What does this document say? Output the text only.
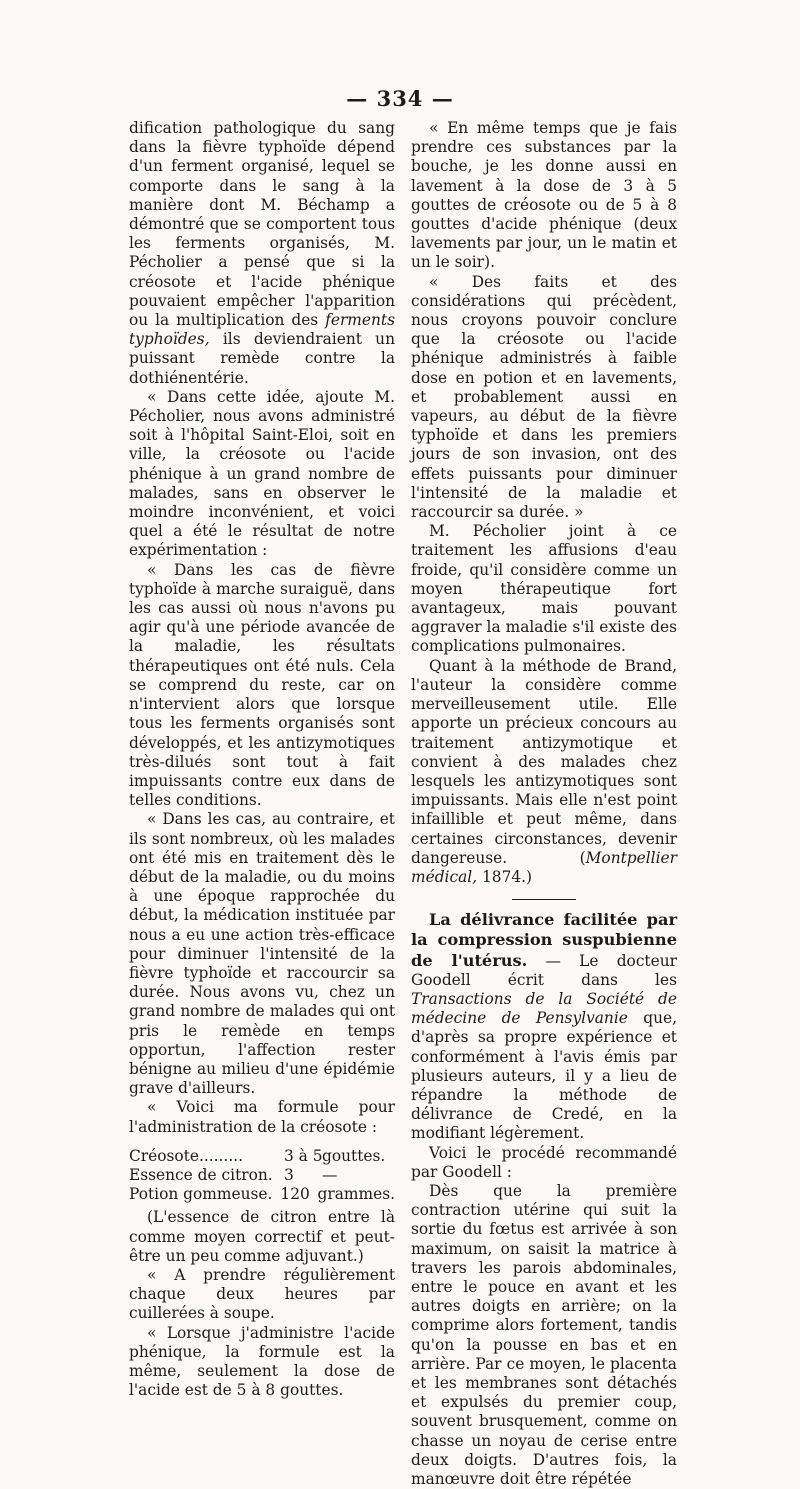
— 334 —

dification pathologique du sang dans la fièvre typhoïde dépend d'un ferment organisé, lequel se comporte dans le sang à la manière dont M. Béchamp a démontré que se comportent tous les ferments organisés, M. Pécholier a pensé que si la créosote et l'acide phénique pouvaient empêcher l'apparition ou la multiplication des ferments typhoïdes, ils deviendraient un puissant remède contre la dothiénentérie.

« Dans cette idée, ajoute M. Pécholier, nous avons administré soit à l'hôpital Saint-Eloi, soit en ville, la créosote ou l'acide phénique à un grand nombre de malades, sans en observer le moindre inconvénient, et voici quel a été le résultat de notre expérimentation :

« Dans les cas de fièvre typhoïde à marche suraiguë, dans les cas aussi où nous n'avons pu agir qu'à une période avancée de la maladie, les résultats thérapeutiques ont été nuls. Cela se comprend du reste, car on n'intervient alors que lorsque tous les ferments organisés sont développés, et les antizymotiques très-dilués sont tout à fait impuissants contre eux dans de telles conditions.

« Dans les cas, au contraire, et ils sont nombreux, où les malades ont été mis en traitement dès le début de la maladie, ou du moins à une époque rapprochée du début, la médication instituée par nous a eu une action très-efficace pour diminuer l'intensité de la fièvre typhoïde et raccourcir sa durée. Nous avons vu, chez un grand nombre de malades qui ont pris le remède en temps opportun, l'affection rester bénigne au milieu d'une épidémie grave d'ailleurs.

« Voici ma formule pour l'administration de la créosote :

Créosote.........	3 à 5 gouttes.
Essence de citron. 3	—
Potion gommeuse. 120 grammes.

(L'essence de citron entre là comme moyen correctif et peut-être un peu comme adjuvant.)

« A prendre régulièrement chaque deux heures par cuillerées à soupe.

« Lorsque j'administre l'acide phénique, la formule est la même, seulement la dose de l'acide est de 5 à 8 gouttes.

« En même temps que je fais prendre ces substances par la bouche, je les donne aussi en lavement à la dose de 3 à 5 gouttes de créosote ou de 5 à 8 gouttes d'acide phénique (deux lavements par jour, un le matin et un le soir).

« Des faits et des considérations qui précèdent, nous croyons pouvoir conclure que la créosote ou l'acide phénique administrés à faible dose en potion et en lavements, et probablement aussi en vapeurs, au début de la fièvre typhoïde et dans les premiers jours de son invasion, ont des effets puissants pour diminuer l'intensité de la maladie et raccourcir sa durée. »

M. Pécholier joint à ce traitement les affusions d'eau froide, qu'il considère comme un moyen thérapeutique fort avantageux, mais pouvant aggraver la maladie s'il existe des complications pulmonaires.

Quant à la méthode de Brand, l'auteur la considère comme merveilleusement utile. Elle apporte un précieux concours au traitement antizymotique et convient à des malades chez lesquels les antizymotiques sont impuissants. Mais elle n'est point infaillible et peut même, dans certaines circonstances, devenir dangereuse. (Montpellier médical, 1874.)

La délivrance facilitée par la compression suspubienne de l'utérus. — Le docteur Goodell écrit dans les Transactions de la Société de médecine de Pensylvanie que, d'après sa propre expérience et conformément à l'avis émis par plusieurs auteurs, il y a lieu de répandre la méthode de délivrance de Credé, en la modifiant légèrement.

Voici le procédé recommandé par Goodell :

Dès que la première contraction utérine qui suit la sortie du fœtus est arrivée à son maximum, on saisit la matrice à travers les parois abdominales, entre le pouce en avant et les autres doigts en arrière; on la comprime alors fortement, tandis qu'on la pousse en bas et en arrière. Par ce moyen, le placenta et les membranes sont détachés et expulsés du premier coup, souvent brusquement, comme on chasse un noyau de cerise entre deux doigts. D'autres fois, la manœuvre doit être répétée
